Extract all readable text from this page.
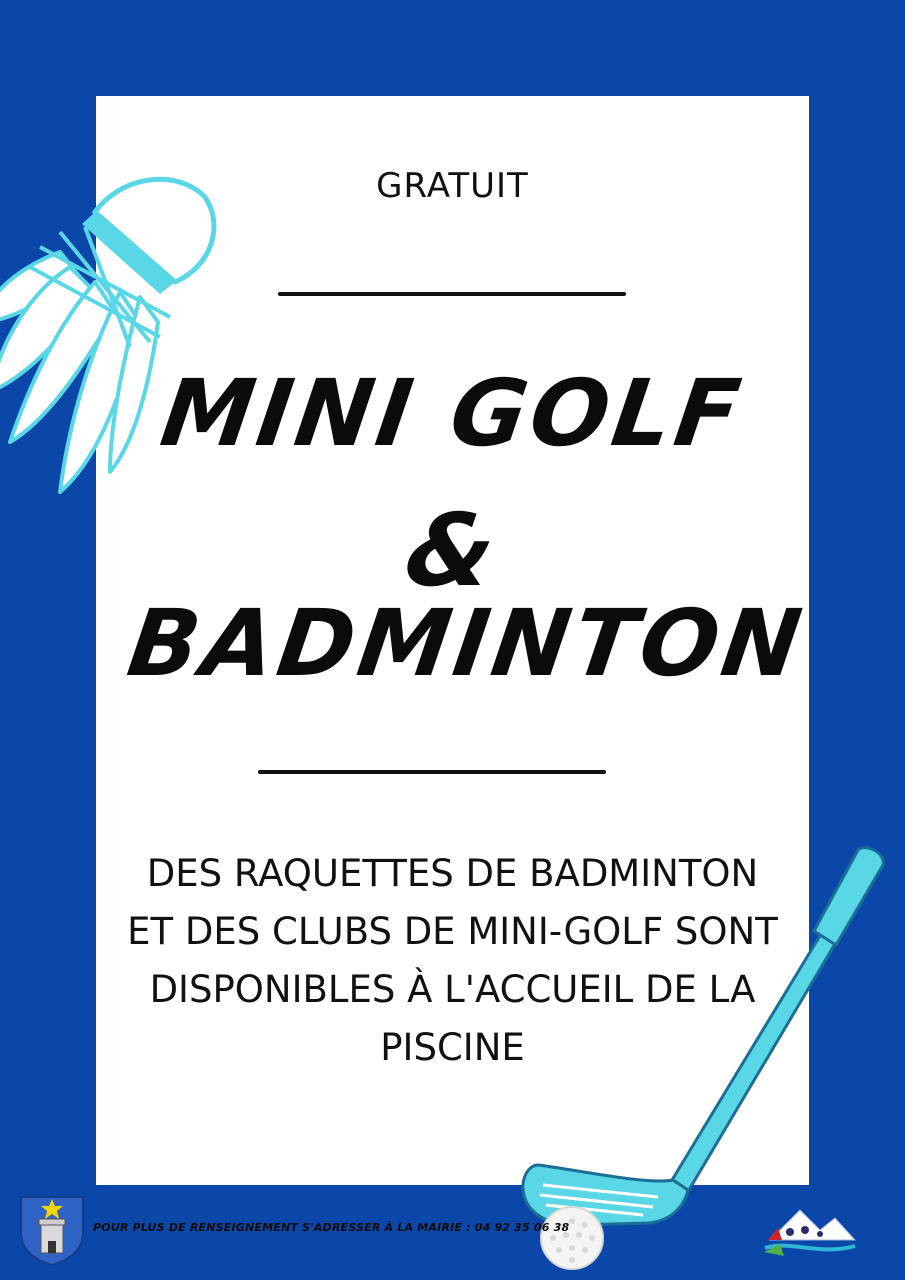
GRATUIT
MINI GOLF
&
BADMINTON
DES RAQUETTES DE BADMINTON
ET DES CLUBS DE MINI-GOLF SONT
DISPONIBLES À L'ACCUEIL DE LA
PISCINE
POUR PLUS DE RENSEIGNEMENT S'ADRESSER À LA MAIRIE : 04 92 35 06 38
